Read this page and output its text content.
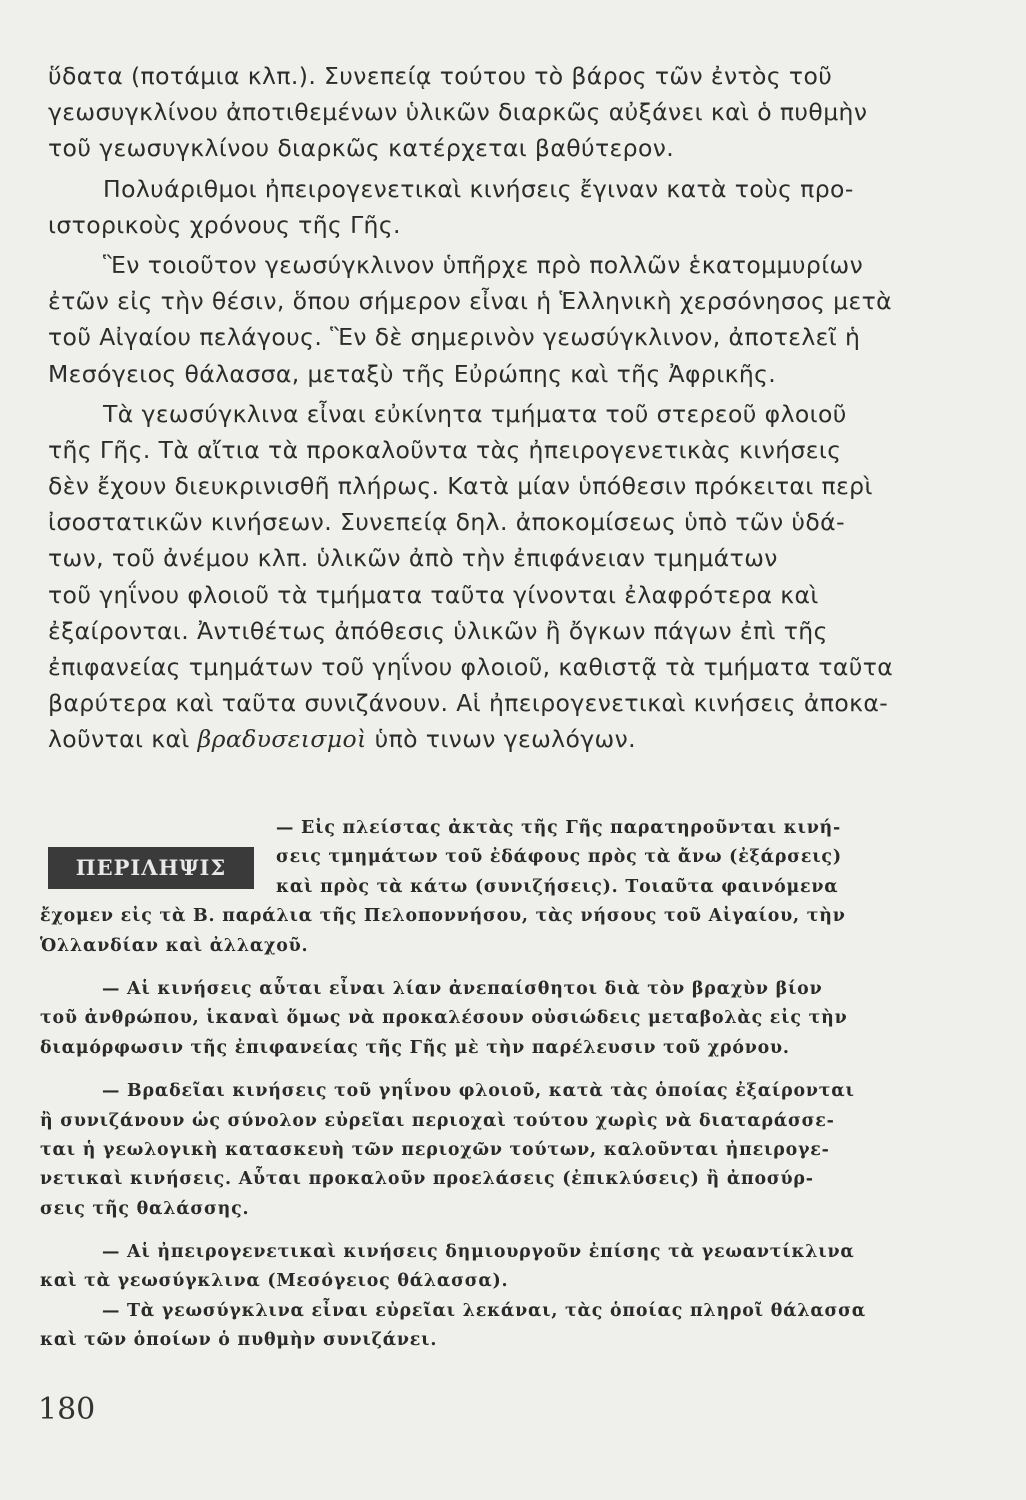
ὕδατα (ποτάμια κλπ.). Συνεπείᾳ τούτου τὸ βάρος τῶν ἐντὸς τοῦ
γεωσυγκλίνου ἀποτιθεμένων ὑλικῶν διαρκῶς αὐξάνει καὶ ὁ πυθμὴν
τοῦ γεωσυγκλίνου διαρκῶς κατέρχεται βαθύτερον.
Πολυάριθμοι ἠπειρογενετικαὶ κινήσεις ἔγιναν κατὰ τοὺς προ-
ιστορικοὺς χρόνους τῆς Γῆς.
Ἓν τοιοῦτον γεωσύγκλινον ὑπῆρχε πρὸ πολλῶν ἑκατομμυρίων
ἐτῶν εἰς τὴν θέσιν, ὅπου σήμερον εἶναι ἡ Ἑλληνικὴ χερσόνησος μετὰ
τοῦ Αἰγαίου πελάγους. Ἓν δὲ σημερινὸν γεωσύγκλινον, ἀποτελεῖ ἡ
Μεσόγειος θάλασσα, μεταξὺ τῆς Εὐρώπης καὶ τῆς Ἀφρικῆς.
Τὰ γεωσύγκλινα εἶναι εὐκίνητα τμήματα τοῦ στερεοῦ φλοιοῦ
τῆς Γῆς. Τὰ αἴτια τὰ προκαλοῦντα τὰς ἠπειρογενετικὰς κινήσεις
δὲν ἔχουν διευκρινισθῆ πλήρως. Κατὰ μίαν ὑπόθεσιν πρόκειται περὶ
ἰσοστατικῶν κινήσεων. Συνεπείᾳ δηλ. ἀποκομίσεως ὑπὸ τῶν ὑδά-
των, τοῦ ἀνέμου κλπ. ὑλικῶν ἀπὸ τὴν ἐπιφάνειαν τμημάτων
τοῦ γηΐνου φλοιοῦ τὰ τμήματα ταῦτα γίνονται ἐλαφρότερα καὶ
ἐξαίρονται. Ἀντιθέτως ἀπόθεσις ὑλικῶν ἢ ὄγκων πάγων ἐπὶ τῆς
ἐπιφανείας τμημάτων τοῦ γηΐνου φλοιοῦ, καθιστᾷ τὰ τμήματα ταῦτα
βαρύτερα καὶ ταῦτα συνιζάνουν. Αἱ ἠπειρογενετικαὶ κινήσεις ἀποκα-
λοῦνται καὶ βραδυσεισμοὶ ὑπὸ τινων γεωλόγων.
ΠΕΡΙΛΗΨΙΣ
— Εἰς πλείστας ἀκτὰς τῆς Γῆς παρατηροῦνται κινή-
σεις τμημάτων τοῦ ἐδάφους πρὸς τὰ ἄνω (ἐξάρσεις)
καὶ πρὸς τὰ κάτω (συνιζήσεις). Τοιαῦτα φαινόμενα
ἔχομεν εἰς τὰ Β. παράλια τῆς Πελοποννήσου, τὰς νήσους τοῦ Αἰγαίου, τὴν
Ὁλλανδίαν καὶ ἀλλαχοῦ.
— Αἱ κινήσεις αὗται εἶναι λίαν ἀνεπαίσθητοι διὰ τὸν βραχὺν βίον
τοῦ ἀνθρώπου, ἱκαναὶ ὅμως νὰ προκαλέσουν οὐσιώδεις μεταβολὰς εἰς τὴν
διαμόρφωσιν τῆς ἐπιφανείας τῆς Γῆς μὲ τὴν παρέλευσιν τοῦ χρόνου.
— Βραδεῖαι κινήσεις τοῦ γηΐνου φλοιοῦ, κατὰ τὰς ὁποίας ἐξαίρονται
ἢ συνιζάνουν ὡς σύνολον εὐρεῖαι περιοχαὶ τούτου χωρὶς νὰ διαταράσσε-
ται ἡ γεωλογικὴ κατασκευὴ τῶν περιοχῶν τούτων, καλοῦνται ἠπειρογε-
νετικαὶ κινήσεις. Αὗται προκαλοῦν προελάσεις (ἐπικλύσεις) ἢ ἀποσύρ-
σεις τῆς θαλάσσης.
— Αἱ ἠπειρογενετικαὶ κινήσεις δημιουργοῦν ἐπίσης τὰ γεωαντίκλινα
καὶ τὰ γεωσύγκλινα (Μεσόγειος θάλασσα).
— Τὰ γεωσύγκλινα εἶναι εὐρεῖαι λεκάναι, τὰς ὁποίας πληροῖ θάλασσα
καὶ τῶν ὁποίων ὁ πυθμὴν συνιζάνει.
180
